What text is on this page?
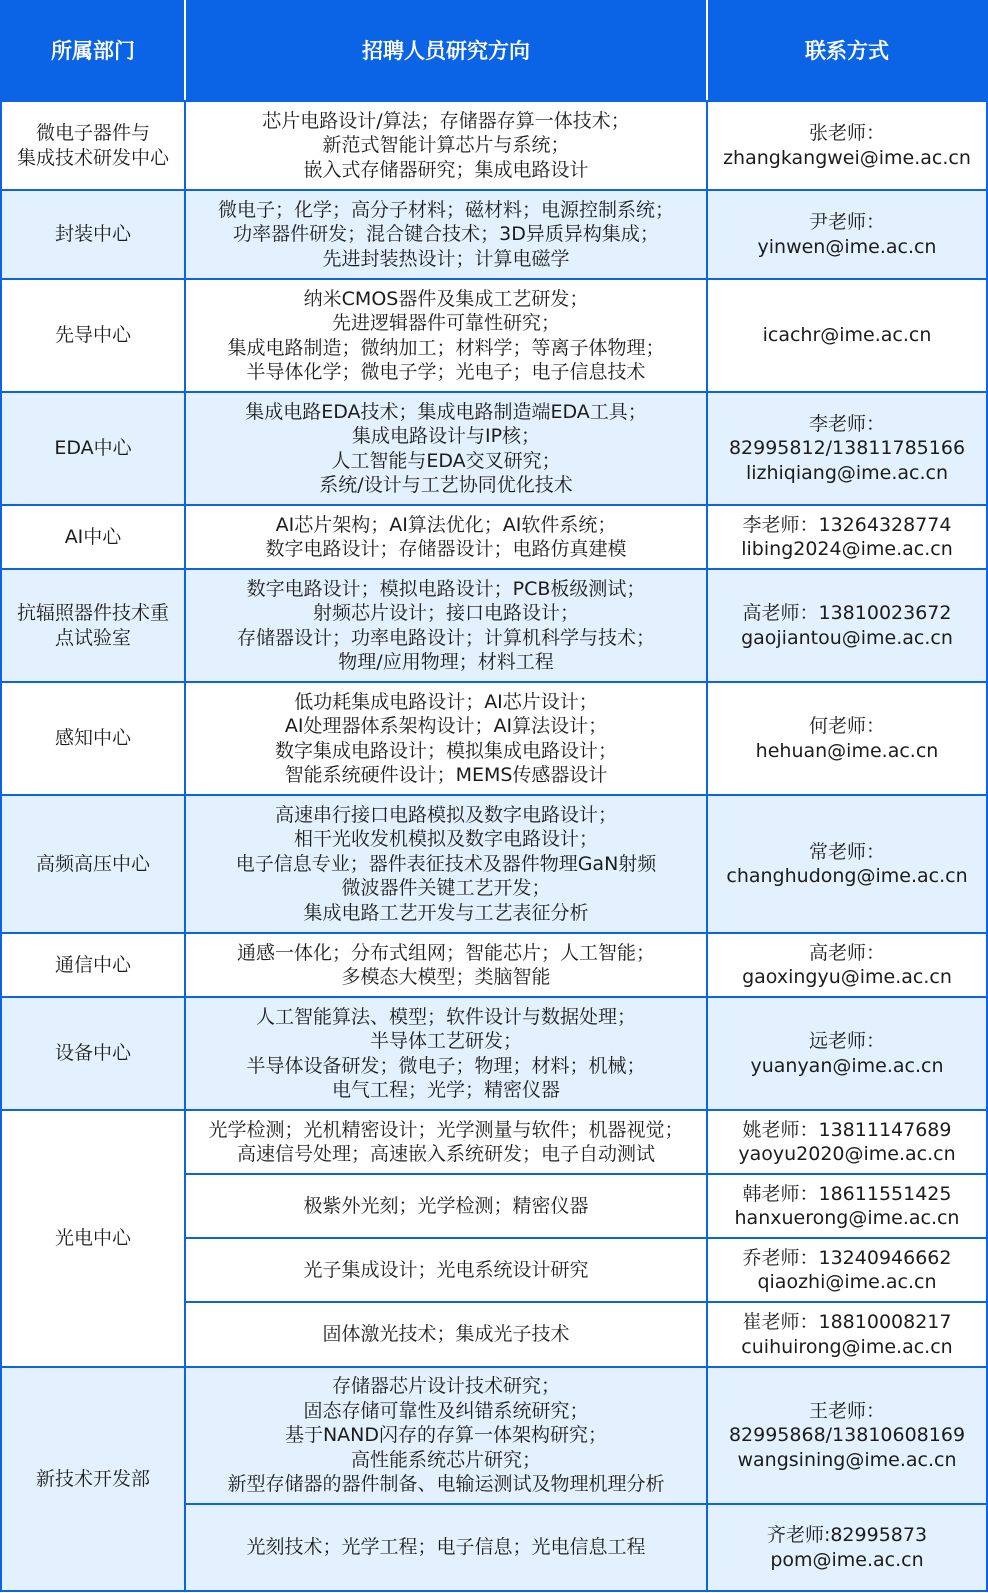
所属部门	招聘人员研究方向	联系方式

微电子器件与
集成技术研发中心	芯片电路设计/算法；存储器存算一体技术；
新范式智能计算芯片与系统；
嵌入式存储器研究；集成电路设计	张老师：
zhangkangwei@ime.ac.cn

封装中心	微电子；化学；高分子材料；磁材料；电源控制系统；
功率器件研发；混合键合技术；3D异质异构集成；
先进封装热设计；计算电磁学	尹老师：
yinwen@ime.ac.cn

先导中心	纳米CMOS器件及集成工艺研发；
先进逻辑器件可靠性研究；
集成电路制造；微纳加工；材料学；等离子体物理；
半导体化学；微电子学；光电子；电子信息技术	icachr@ime.ac.cn

EDA中心	集成电路EDA技术；集成电路制造端EDA工具；
集成电路设计与IP核；
人工智能与EDA交叉研究；
系统/设计与工艺协同优化技术	李老师：
82995812/13811785166
lizhiqiang@ime.ac.cn

AI中心	AI芯片架构；AI算法优化；AI软件系统；
数字电路设计；存储器设计；电路仿真建模	李老师：13264328774
libing2024@ime.ac.cn

抗辐照器件技术重
点试验室	数字电路设计；模拟电路设计；PCB板级测试；
射频芯片设计；接口电路设计；
存储器设计；功率电路设计；计算机科学与技术；
物理/应用物理；材料工程	高老师：13810023672
gaojiantou@ime.ac.cn

感知中心	低功耗集成电路设计；AI芯片设计；
AI处理器体系架构设计；AI算法设计；
数字集成电路设计；模拟集成电路设计；
智能系统硬件设计；MEMS传感器设计	何老师：
hehuan@ime.ac.cn

高频高压中心	高速串行接口电路模拟及数字电路设计；
相干光收发机模拟及数字电路设计；
电子信息专业；器件表征技术及器件物理GaN射频
微波器件关键工艺开发；
集成电路工艺开发与工艺表征分析	常老师：
changhudong@ime.ac.cn

通信中心	通感一体化；分布式组网；智能芯片；人工智能；
多模态大模型；类脑智能	高老师：
gaoxingyu@ime.ac.cn

设备中心	人工智能算法、模型；软件设计与数据处理；
半导体工艺研发；
半导体设备研发；微电子；物理；材料；机械；
电气工程；光学；精密仪器	远老师：
yuanyan@ime.ac.cn

光电中心	光学检测；光机精密设计；光学测量与软件；机器视觉；
高速信号处理；高速嵌入系统研发；电子自动测试	姚老师：13811147689
yaoyu2020@ime.ac.cn

	极紫外光刻；光学检测；精密仪器	韩老师：18611551425
hanxuerong@ime.ac.cn

	光子集成设计；光电系统设计研究	乔老师：13240946662
qiaozhi@ime.ac.cn

	固体激光技术；集成光子技术	崔老师：18810008217
cuihuirong@ime.ac.cn

新技术开发部	存储器芯片设计技术研究；
固态存储可靠性及纠错系统研究；
基于NAND闪存的存算一体架构研究；
高性能系统芯片研究；
新型存储器的器件制备、电输运测试及物理机理分析	王老师：
82995868/13810608169
wangsining@ime.ac.cn

	光刻技术；光学工程；电子信息；光电信息工程	齐老师:82995873
pom@ime.ac.cn
